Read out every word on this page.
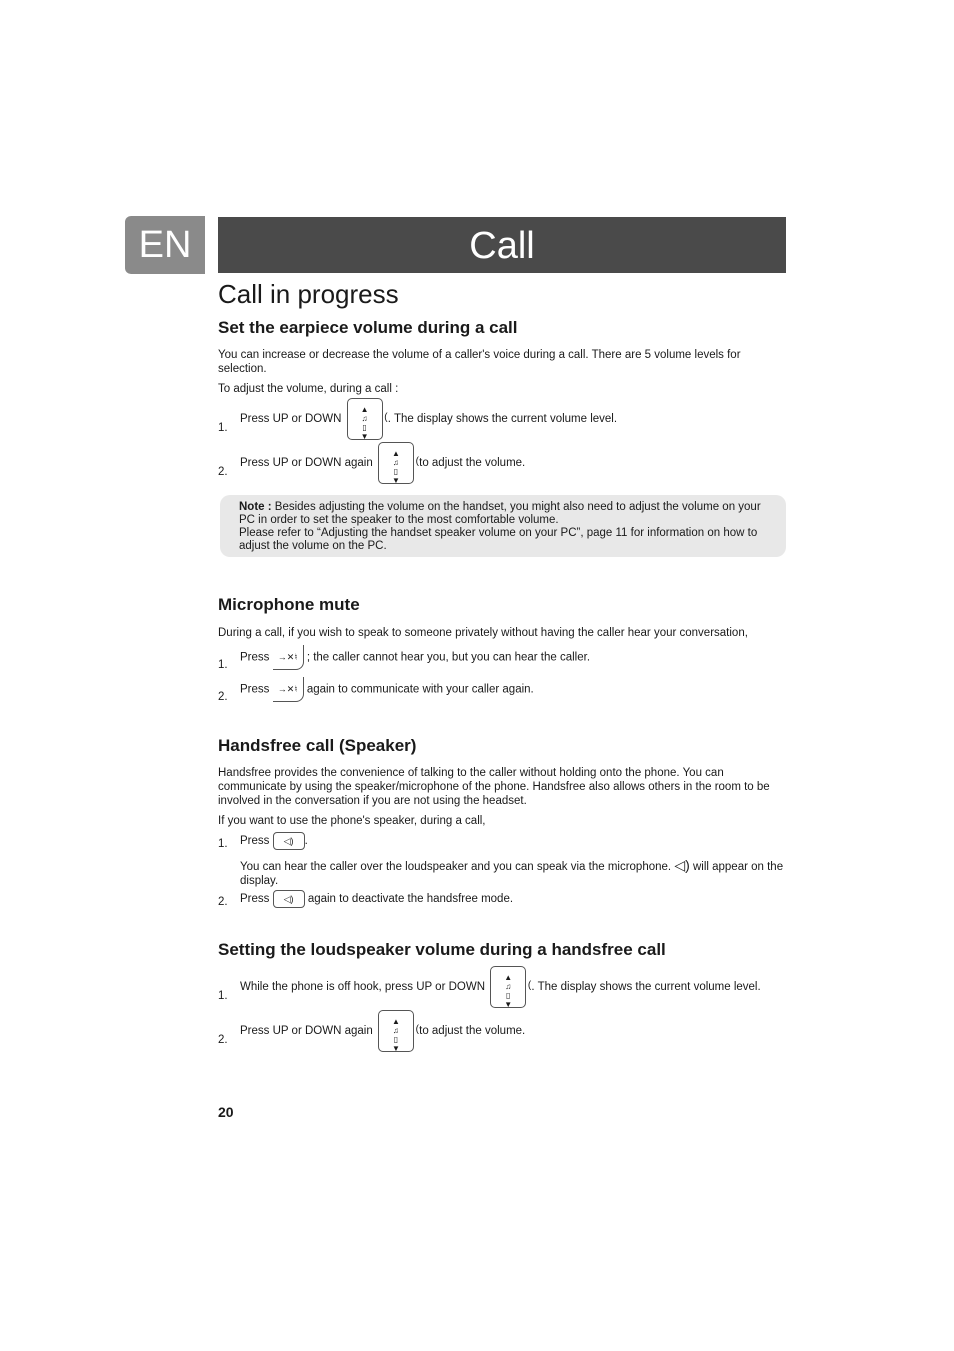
EN	Call
Call in progress
Set the earpiece volume during a call

You can increase or decrease the volume of a caller's voice during a call. There are 5 volume levels for selection.

To adjust the volume, during a call :

1.
Press UP or DOWN
▲
♫
▯
▼
( . The display shows the current volume level.
2.
Press UP or DOWN again
▲
♫
▯
▼
( to adjust the volume.

Note : Besides adjusting the volume on the handset, you might also need to adjust the volume on your PC in order to set the speaker to the most comfortable volume.
Please refer to “Adjusting the handset speaker volume on your PC”, page 11 for information on how to adjust the volume on the PC.

Microphone mute

During a call, if you wish to speak to someone privately without having the caller hear your conversation,

1.
Press →✕♮ ; the caller cannot hear you, but you can hear the caller.
2.
Press →✕♮ again to communicate with your caller again.
Handsfree call (Speaker)

Handsfree provides the convenience of talking to the caller without holding onto the phone. You can communicate by using the speaker/microphone of the phone. Handsfree also allows others in the room to be involved in the conversation if you are not using the headset.

If you want to use the phone's speaker, during a call,

1. Press ◁) .
You can hear the caller over the loudspeaker and you can speak via the microphone. ◁) will appear on the display.
2. Press ◁) again to deactivate the handsfree mode.
Setting the loudspeaker volume during a handsfree call
1.
While the phone is off hook, press UP or DOWN
▲
♫
▯
▼
( . The display shows the current volume level.
2.
Press UP or DOWN again
▲
♫
▯
▼
( to adjust the volume.
20
